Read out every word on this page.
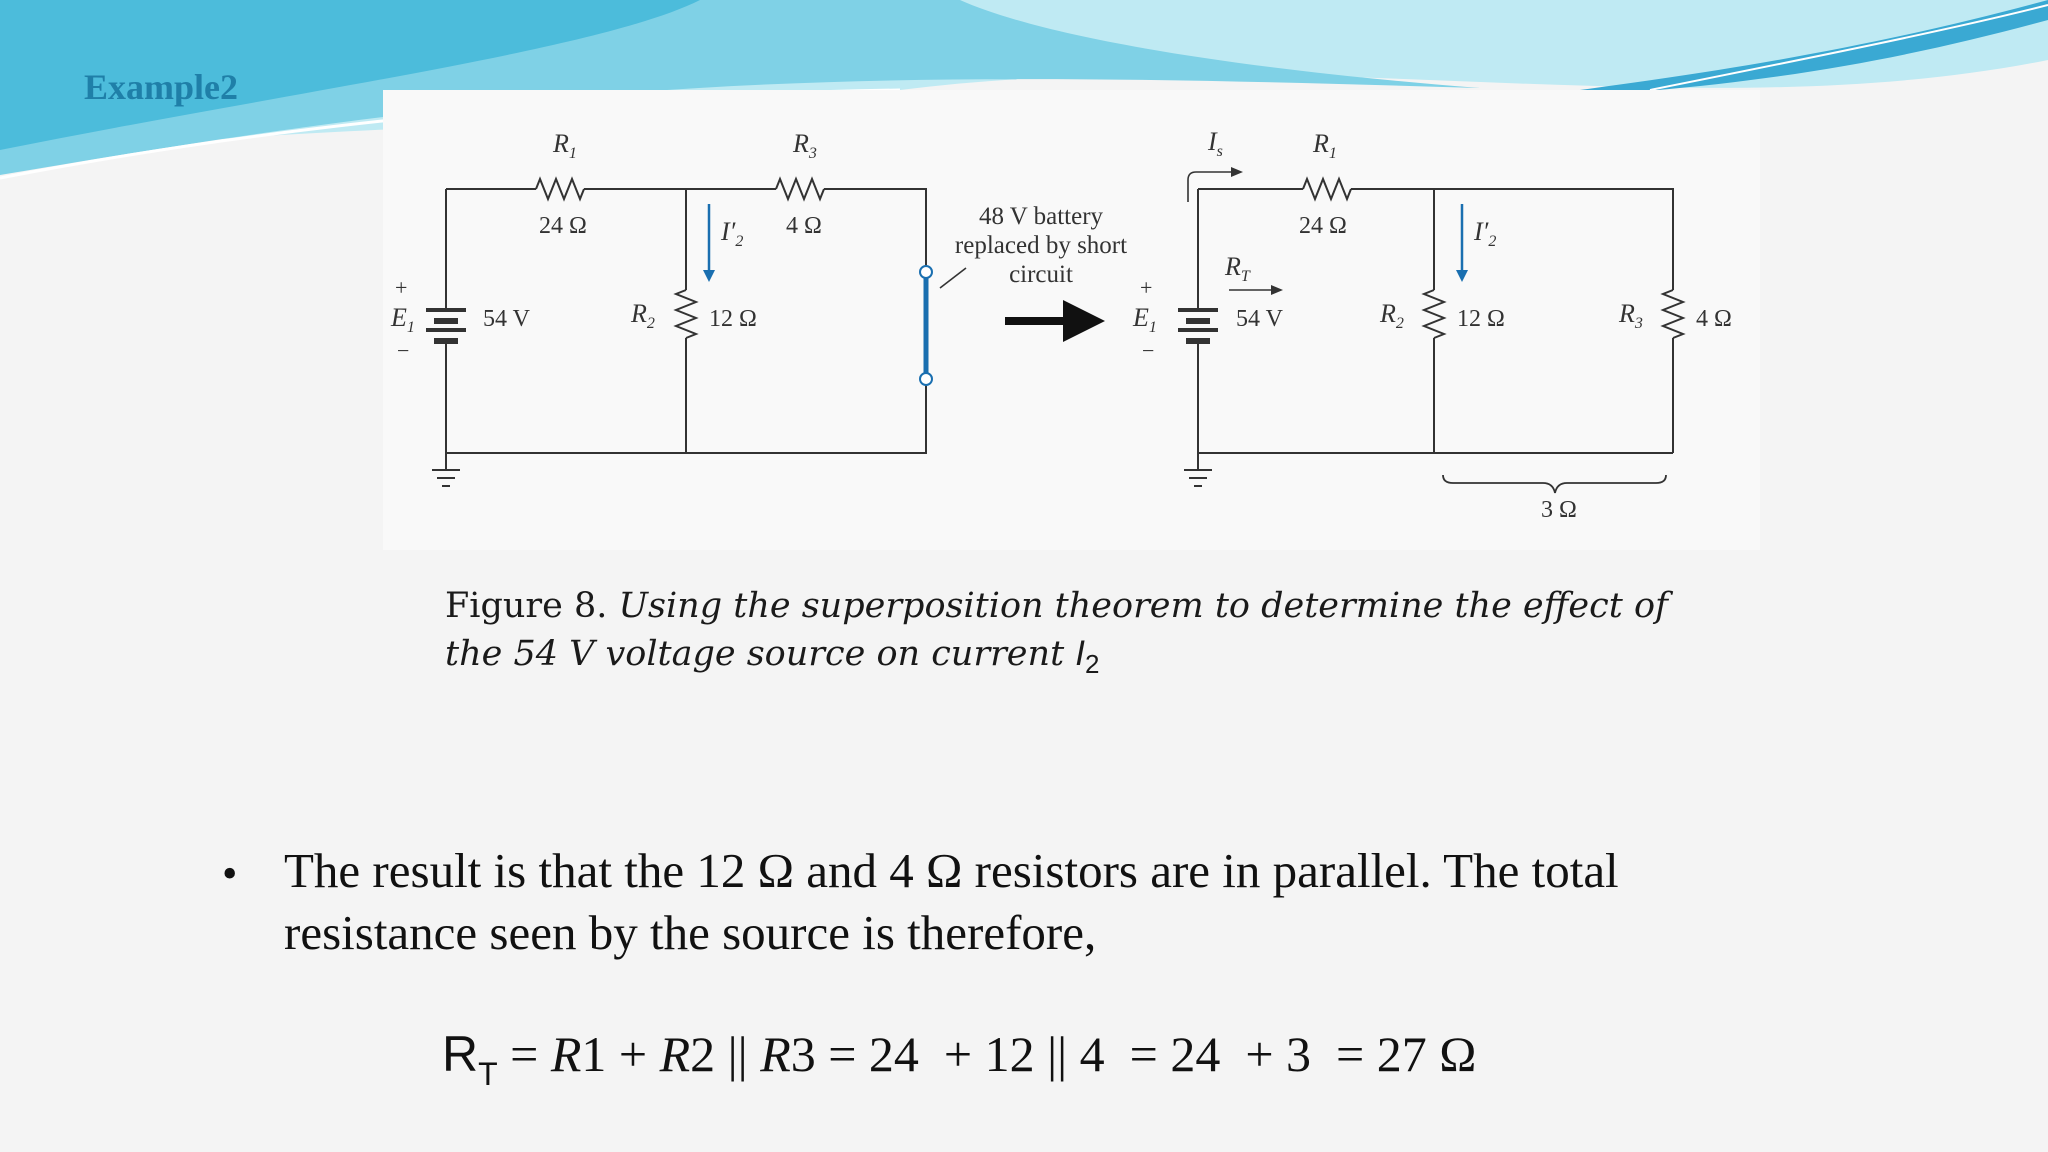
Example2
$R_1$
24 Ω
$R_3$
4 Ω
$I'_2$
$R_2$ 12 Ω
$E_1$	54 V
+
−
48 V battery
replaced by short
circuit
$I_s$	$R_1$
24 Ω	$I'_2$
$R_T$
$E_1$	54 V
+
−
$R_2$ 12 Ω	$R_3$ 4 Ω
3 Ω
Figure 8. Using the superposition theorem to determine the effect of the 54 V voltage source on current $I_2$
• The result is that the 12 Ω and 4 Ω resistors are in parallel. The total resistance seen by the source is therefore,
$R_T = R1 + R2$ || R3 = 24  + 12 || 4  = 24  + 3  = 27 Ω
